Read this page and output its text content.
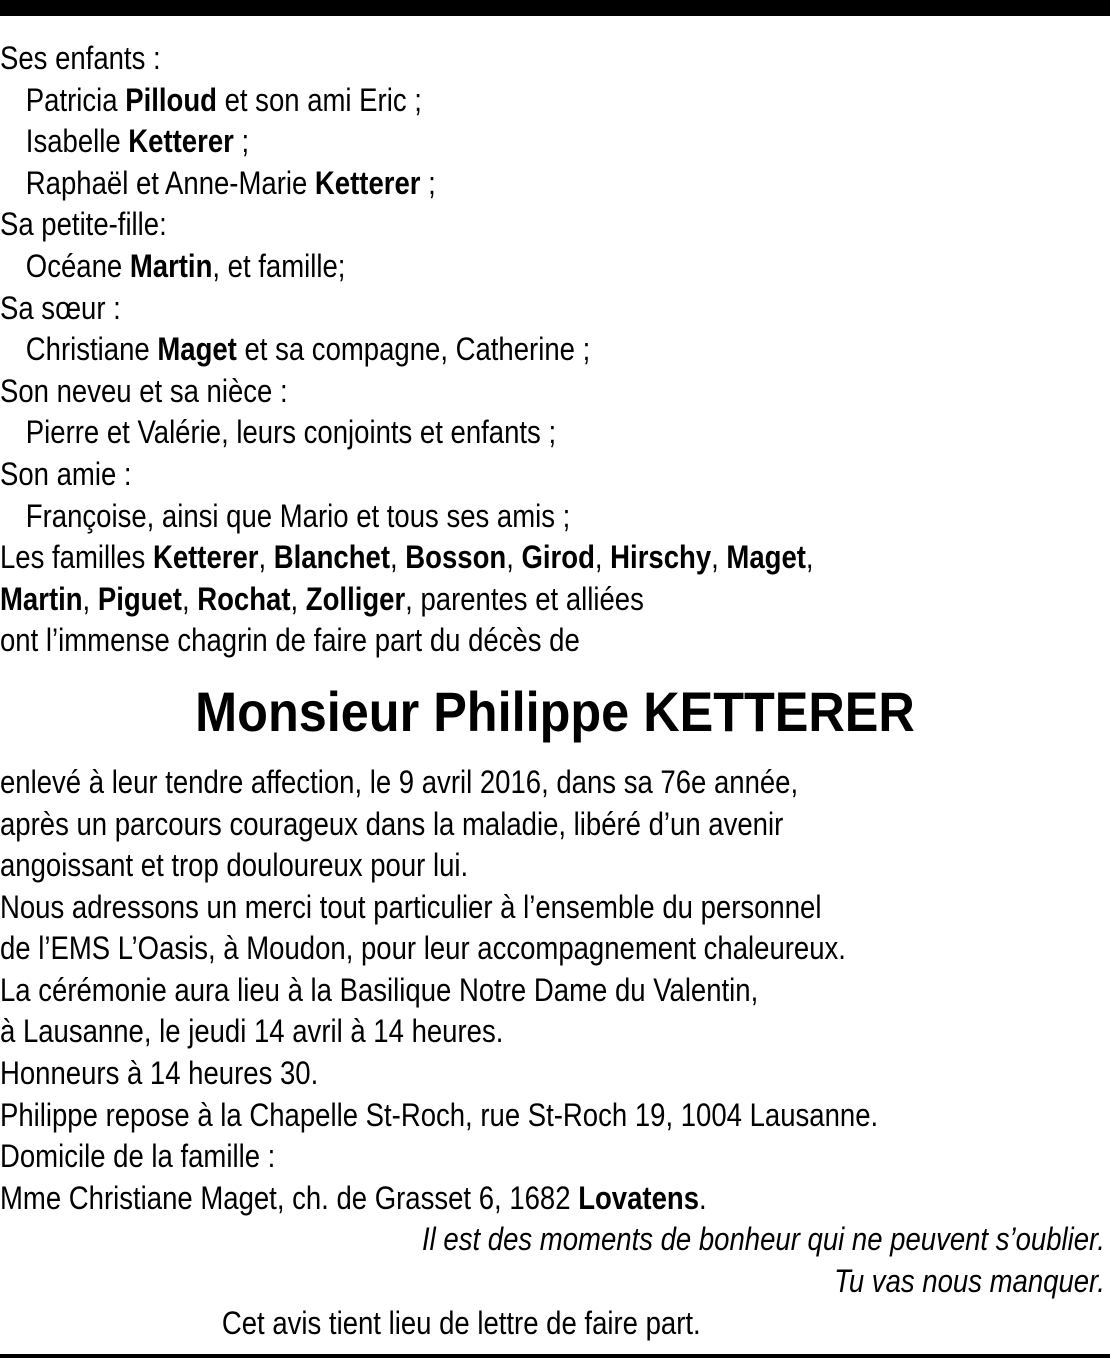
Ses enfants :
Patricia Pilloud et son ami Eric ;
Isabelle Ketterer ;
Raphaël et Anne-Marie Ketterer ;
Sa petite-fille:
Océane Martin, et famille;
Sa sœur :
Christiane Maget et sa compagne, Catherine ;
Son neveu et sa nièce :
Pierre et Valérie, leurs conjoints et enfants ;
Son amie :
Françoise, ainsi que Mario et tous ses amis ;
Les familles Ketterer, Blanchet, Bosson, Girod, Hirschy, Maget,
Martin, Piguet, Rochat, Zolliger, parentes et alliées
ont l’immense chagrin de faire part du décès de
Monsieur Philippe KETTERER
enlevé à leur tendre affection, le 9 avril 2016, dans sa 76e année,
après un parcours courageux dans la maladie, libéré d’un avenir
angoissant et trop douloureux pour lui.
Nous adressons un merci tout particulier à l’ensemble du personnel
de l’EMS L’Oasis, à Moudon, pour leur accompagnement chaleureux.
La cérémonie aura lieu à la Basilique Notre Dame du Valentin,
à Lausanne, le jeudi 14 avril à 14 heures.
Honneurs à 14 heures 30.
Philippe repose à la Chapelle St-Roch, rue St-Roch 19, 1004 Lausanne.
Domicile de la famille :
Mme Christiane Maget, ch. de Grasset 6, 1682 Lovatens.
Il est des moments de bonheur qui ne peuvent s’oublier.
Tu vas nous manquer.
Cet avis tient lieu de lettre de faire part.
